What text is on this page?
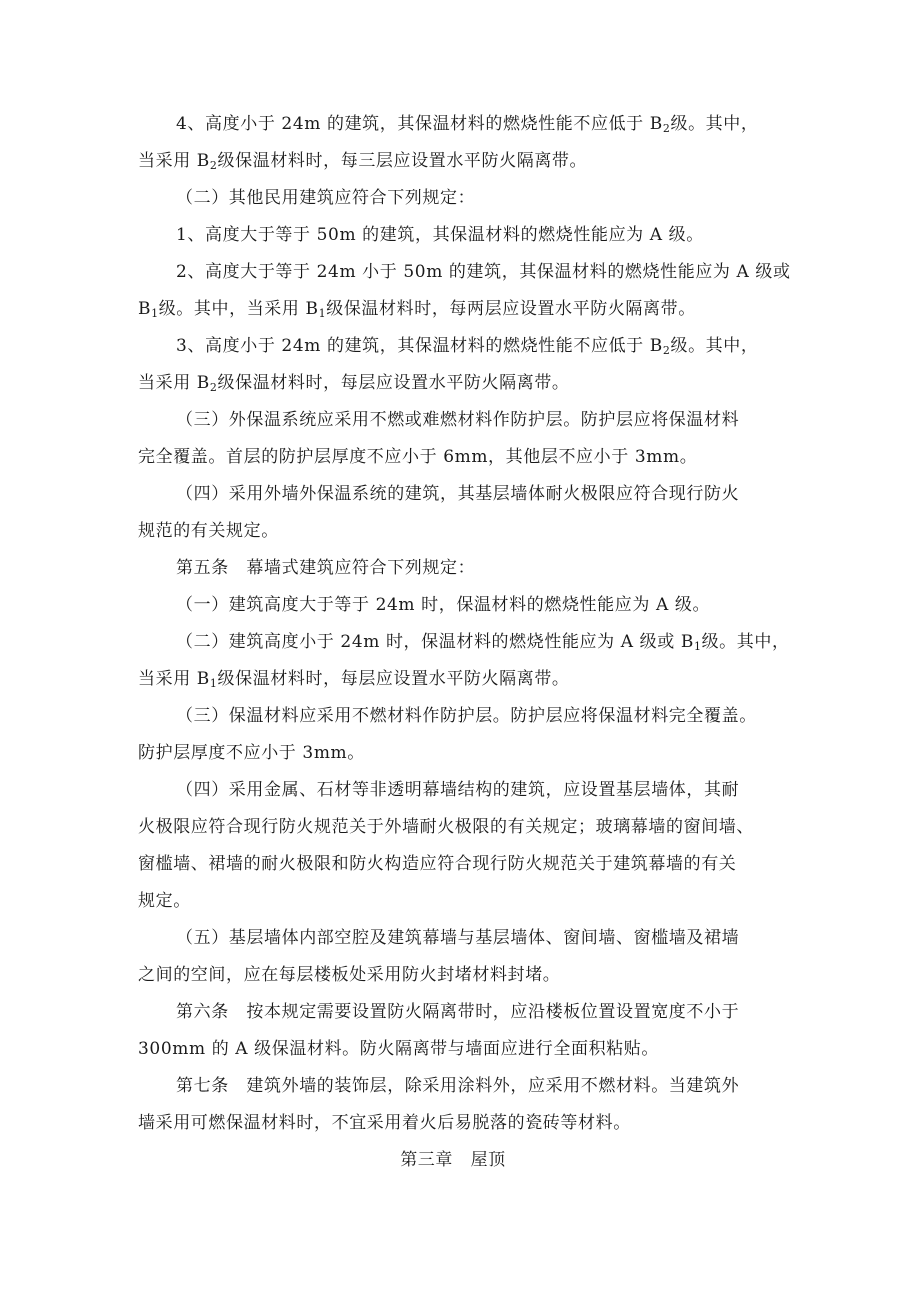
4、高度小于 24m 的建筑，其保温材料的燃烧性能不应低于 $B_2$级。其中，
当采用 $B_2$级保温材料时，每三层应设置水平防火隔离带。
（二）其他民用建筑应符合下列规定：
1、高度大于等于 50m 的建筑，其保温材料的燃烧性能应为 A 级。
2、高度大于等于 24m 小于 50m 的建筑，其保温材料的燃烧性能应为 A 级或
$B_1$级。其中，当采用 $B_1$级保温材料时，每两层应设置水平防火隔离带。
3、高度小于 24m 的建筑，其保温材料的燃烧性能不应低于 $B_2$级。其中，
当采用 $B_2$级保温材料时，每层应设置水平防火隔离带。
（三）外保温系统应采用不燃或难燃材料作防护层。防护层应将保温材料
完全覆盖。首层的防护层厚度不应小于 6mm，其他层不应小于 3mm。
（四）采用外墙外保温系统的建筑，其基层墙体耐火极限应符合现行防火
规范的有关规定。
第五条　幕墙式建筑应符合下列规定：
（一）建筑高度大于等于 24m 时，保温材料的燃烧性能应为 A 级。
（二）建筑高度小于 24m 时，保温材料的燃烧性能应为 A 级或 $B_1$级。其中，
当采用 $B_1$级保温材料时，每层应设置水平防火隔离带。
（三）保温材料应采用不燃材料作防护层。防护层应将保温材料完全覆盖。
防护层厚度不应小于 3mm。
（四）采用金属、石材等非透明幕墙结构的建筑，应设置基层墙体，其耐
火极限应符合现行防火规范关于外墙耐火极限的有关规定；玻璃幕墙的窗间墙、
窗槛墙、裙墙的耐火极限和防火构造应符合现行防火规范关于建筑幕墙的有关
规定。
（五）基层墙体内部空腔及建筑幕墙与基层墙体、窗间墙、窗槛墙及裙墙
之间的空间，应在每层楼板处采用防火封堵材料封堵。
第六条　按本规定需要设置防火隔离带时，应沿楼板位置设置宽度不小于
300mm 的 A 级保温材料。防火隔离带与墙面应进行全面积粘贴。
第七条　建筑外墙的装饰层，除采用涂料外，应采用不燃材料。当建筑外
墙采用可燃保温材料时，不宜采用着火后易脱落的瓷砖等材料。
第三章　屋顶
